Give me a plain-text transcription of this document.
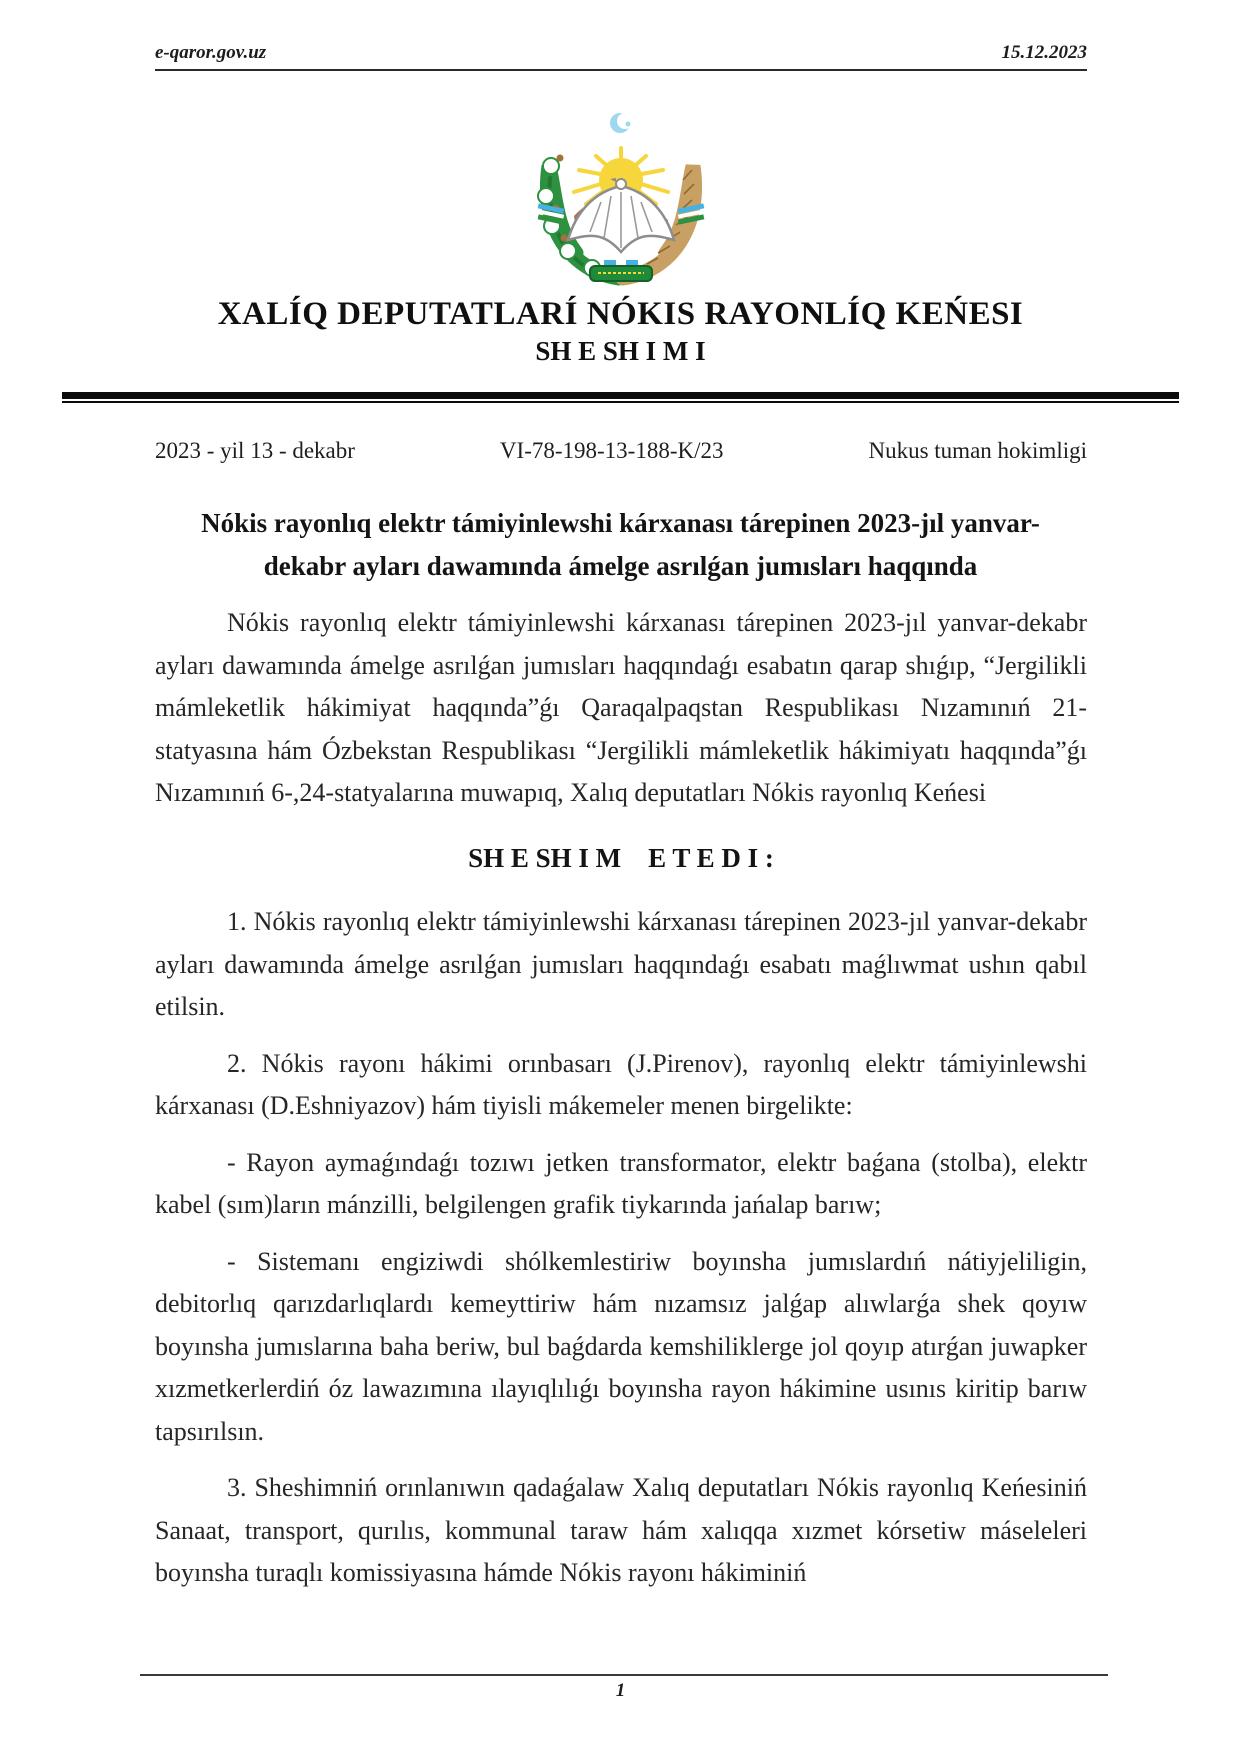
e-qaror.gov.uz	15.12.2023
XALÍQ DEPUTATLARÍ NÓKIS RAYONLÍQ KEŃESI
SH E SH I M I
2023 - yil 13 - dekabr	VI-78-198-13-188-K/23	Nukus tuman hokimligi
Nókis rayonlıq elektr támiyinlewshi kárxanası tárepinen 2023-jıl yanvar-dekabr ayları dawamında ámelge asrılǵan jumısları haqqında

Nókis rayonlıq elektr támiyinlewshi kárxanası tárepinen 2023-jıl yanvar-dekabr ayları dawamında ámelge asrılǵan jumısları haqqındaǵı esabatın qarap shıǵıp, “Jergilikli mámleketlik hákimiyat haqqında”ǵı Qaraqalpaqstan Respublikası Nızamınıń 21-statyasına hám Ózbekstan Respublikası “Jergilikli mámleketlik hákimiyatı haqqında”ǵı Nızamınıń 6-,24-statyalarına muwapıq, Xalıq deputatları Nókis rayonlıq Keńesi

SH E SH I M    E T E D I :

1. Nókis rayonlıq elektr támiyinlewshi kárxanası tárepinen 2023-jıl yanvar-dekabr ayları dawamında ámelge asrılǵan jumısları haqqındaǵı esabatı maǵlıwmat ushın qabıl etilsin.

2. Nókis rayonı hákimi orınbasarı (J.Pirenov), rayonlıq elektr támiyinlewshi kárxanası (D.Eshniyazov) hám tiyisli mákemeler menen birgelikte:

- Rayon aymaǵındaǵı tozıwı jetken transformator, elektr baǵana (stolba), elektr kabel (sım)ların mánzilli, belgilengen grafik tiykarında jańalap barıw;

- Sistemanı engiziwdi shólkemlestiriw boyınsha jumıslardıń nátiyjeliligin, debitorlıq qarızdarlıqlardı kemeyttiriw hám nızamsız jalǵap alıwlarǵa shek qoyıw boyınsha jumıslarına baha beriw, bul baǵdarda kemshiliklerge jol qoyıp atırǵan juwapker xızmetkerlerdiń óz lawazımına ılayıqlılıǵı boyınsha rayon hákimine usınıs kiritip barıw tapsırılsın.

3. Sheshimniń orınlanıwın qadaǵalaw Xalıq deputatları Nókis rayonlıq Keńesiniń Sanaat, transport, qurılıs, kommunal taraw hám xalıqqa xızmet kórsetiw máseleleri boyınsha turaqlı komissiyasına hámde Nókis rayonı hákiminiń

1
